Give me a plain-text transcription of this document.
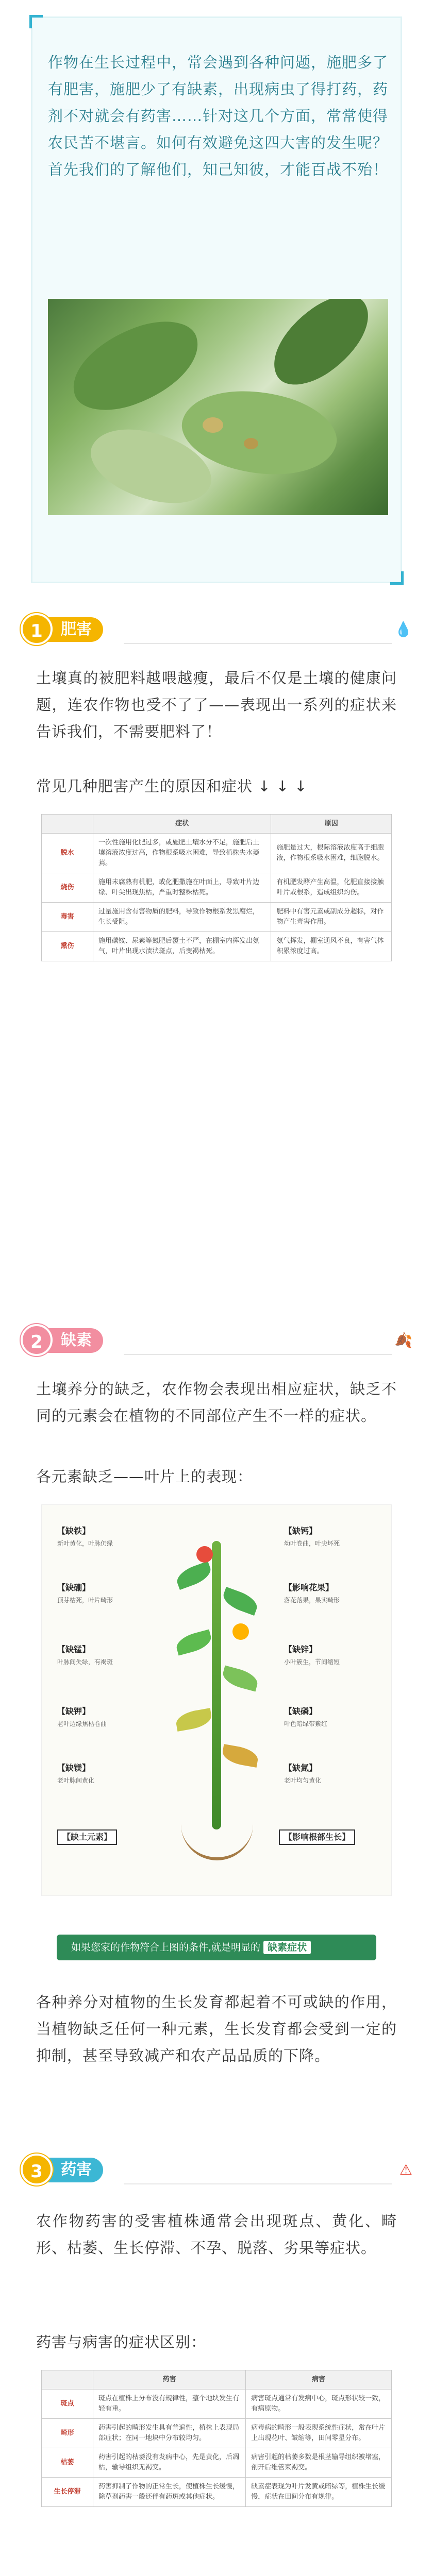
作物在生长过程中，常会遇到各种问题，施肥多了有肥害，施肥少了有缺素，出现病虫了得打药，药剂不对就会有药害……针对这几个方面，常常使得农民苦不堪言。如何有效避免这四大害的发生呢？首先我们的了解他们，知己知彼，才能百战不殆！

肥害
1	💧

土壤真的被肥料越喂越瘦，最后不仅是土壤的健康问题，连农作物也受不了了——表现出一系列的症状来告诉我们，不需要肥料了！

常见几种肥害产生的原因和症状 ↓ ↓ ↓

	症状	原因
脱水	一次性施用化肥过多，或施肥土壤水分不足，施肥后土壤溶液浓度过高，作物根系吸水困难，导致植株失水萎蔫。	施肥量过大，根际溶液浓度高于细胞液，作物根系吸水困难，细胞脱水。
烧伤	施用未腐熟有机肥，或化肥撒施在叶面上，导致叶片边缘、叶尖出现焦枯，严重时整株枯死。	有机肥发酵产生高温，化肥直接接触叶片或根系，造成组织灼伤。
毒害	过量施用含有害物质的肥料，导致作物根系发黑腐烂，生长受阻。	肥料中有害元素或副成分超标，对作物产生毒害作用。
熏伤	施用碳铵、尿素等氮肥后覆土不严，在棚室内挥发出氨气，叶片出现水渍状斑点，后变褐枯死。	氨气挥发，棚室通风不良，有害气体积累浓度过高。
缺素
2	🍂

土壤养分的缺乏，农作物会表现出相应症状，缺乏不同的元素会在植物的不同部位产生不一样的症状。

各元素缺乏——叶片上的表现：

【缺铁】
新叶黄化，叶脉仍绿
【缺硼】
顶芽枯死，叶片畸形
【缺锰】
叶脉间失绿，有褐斑
【缺钾】
老叶边缘焦枯卷曲
【缺镁】
老叶脉间黄化
【缺钙】
幼叶卷曲，叶尖坏死
【影响花果】
落花落果，果实畸形
【缺锌】
小叶簇生，节间缩短
【缺磷】
叶色暗绿带紫红
【缺氮】
老叶均匀黄化
【缺土元素】	【影响根部生长】
如果您家的作物符合上图的条件,就是明显的 缺素症状

各种养分对植物的生长发育都起着不可或缺的作用，当植物缺乏任何一种元素，生长发育都会受到一定的抑制，甚至导致减产和农产品品质的下降。

药害
3	⚠

农作物药害的受害植株通常会出现斑点、黄化、畸形、枯萎、生长停滞、不孕、脱落、劣果等症状。

药害与病害的症状区别：

	药害	病害
斑点	斑点在植株上分布没有规律性，整个地块发生有轻有重。	病害斑点通常有发病中心，斑点形状较一致，有病原物。
畸形	药害引起的畸形发生具有普遍性，植株上表现局部症状；在同一地块中分布较均匀。	病毒病的畸形一般表现系统性症状，常在叶片上出现花叶、皱缩等，田间零星分布。
枯萎	药害引起的枯萎没有发病中心，先是黄化，后凋枯，输导组织无褐变。	病害引起的枯萎多数是根茎输导组织被堵塞，剖开后维管束褐变。
生长停滞	药害抑制了作物的正常生长，使植株生长缓慢，除草剂药害一般还伴有药斑或其他症状。	缺素症表现为叶片发黄或暗绿等，植株生长缓慢，症状在田间分布有规律。
